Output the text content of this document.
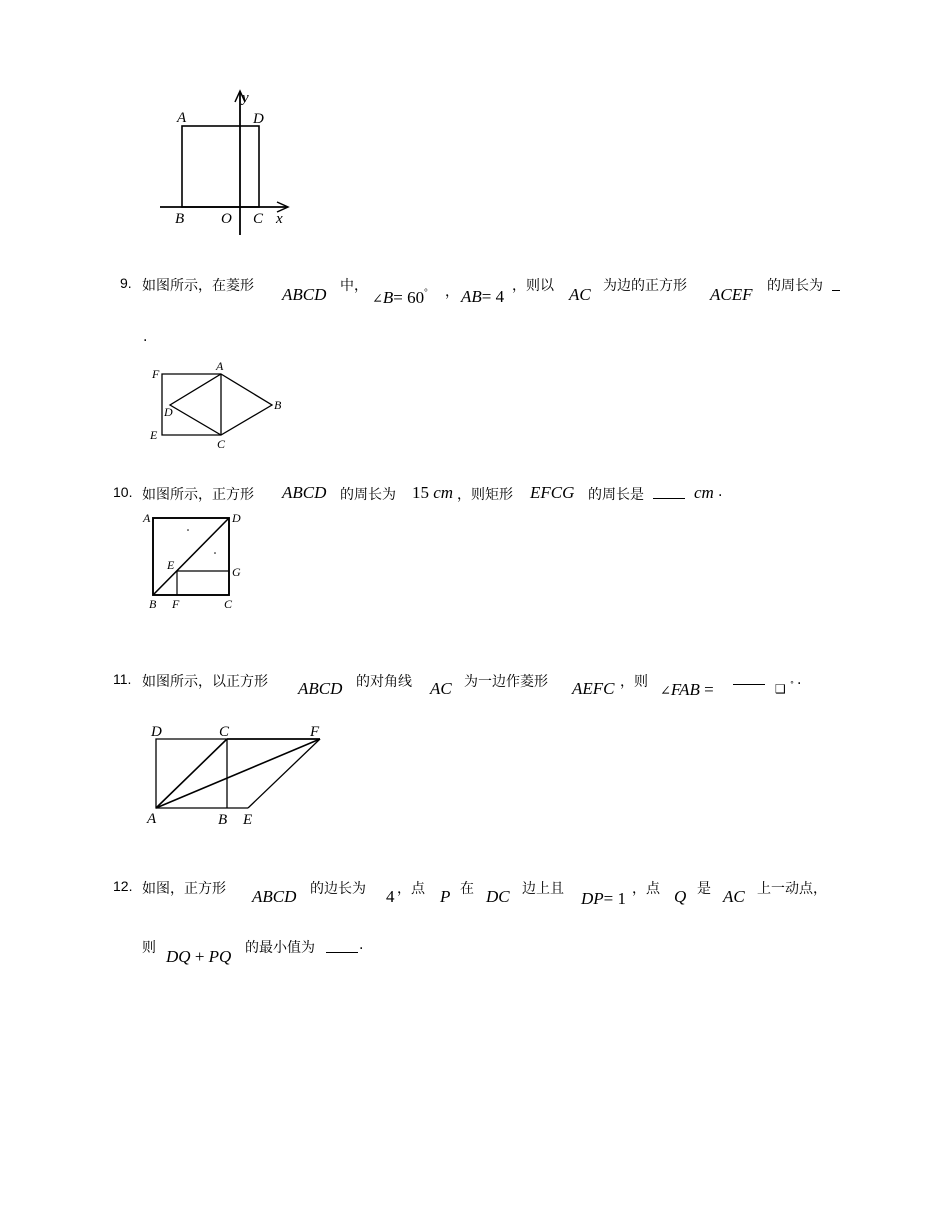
y
A	D
B O C x
9. 如图所示，在菱形 ABCD 中，
∠B= 60° ， AB= 4
，则以 AC 为边的正方形 ACEF 的周长为
.
F
A
D	B
E
C
10. 如图所示，正方形 ABCD 的周长为 15 cm ，则矩形 EFCG 的周长是	cm .
A	D
E	G
B F	C
11. 如图所示，以正方形 ABCD 的对角线 AC 为一边作菱形 AEFC ，则
∠FAB =	❑ ° .
D	C	F
A	B E
12. 如图，正方形 ABCD 的边长为 4 ，点 P 在 DC 边上且 DP= 1 ，点 Q 是 AC 上一动点，
则 DQ + PQ 的最小值为	.
